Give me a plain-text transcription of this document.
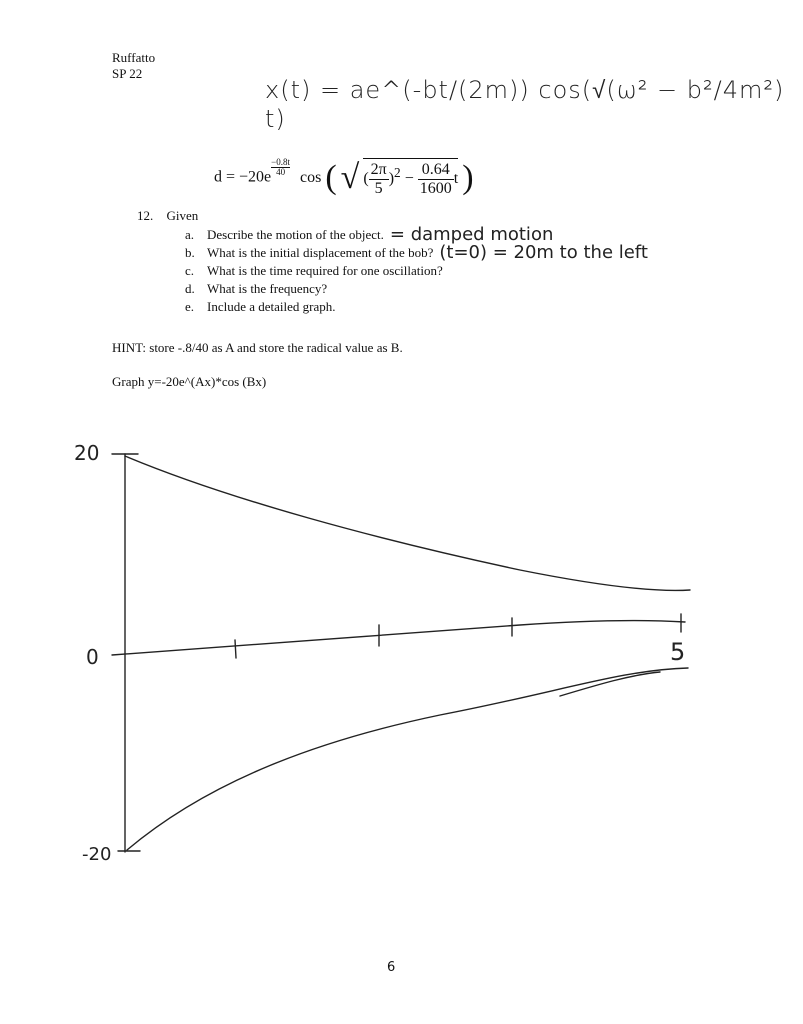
Ruffatto
SP 22
x(t) = ae^(-bt/(2m)) cos(√(ω² − b²/4m²) t)
$d = -20e \frac{-0.8t}{40}$ cos ( √ ( $\frac{2\pi}{5} )^2 - \frac{0.64}{1600}$ t )
12. Given
a. Describe the motion of the object. = damped motion
b. What is the initial displacement of the bob? (t=0) = 20m to the left
c. What is the time required for one oscillation?
d. What is the frequency?
e. Include a detailed graph.
HINT: store -.8/40 as A and store the radical value as B.
Graph y=-20e^(Ax)*cos (Bx)
20
0
-20
5
6
